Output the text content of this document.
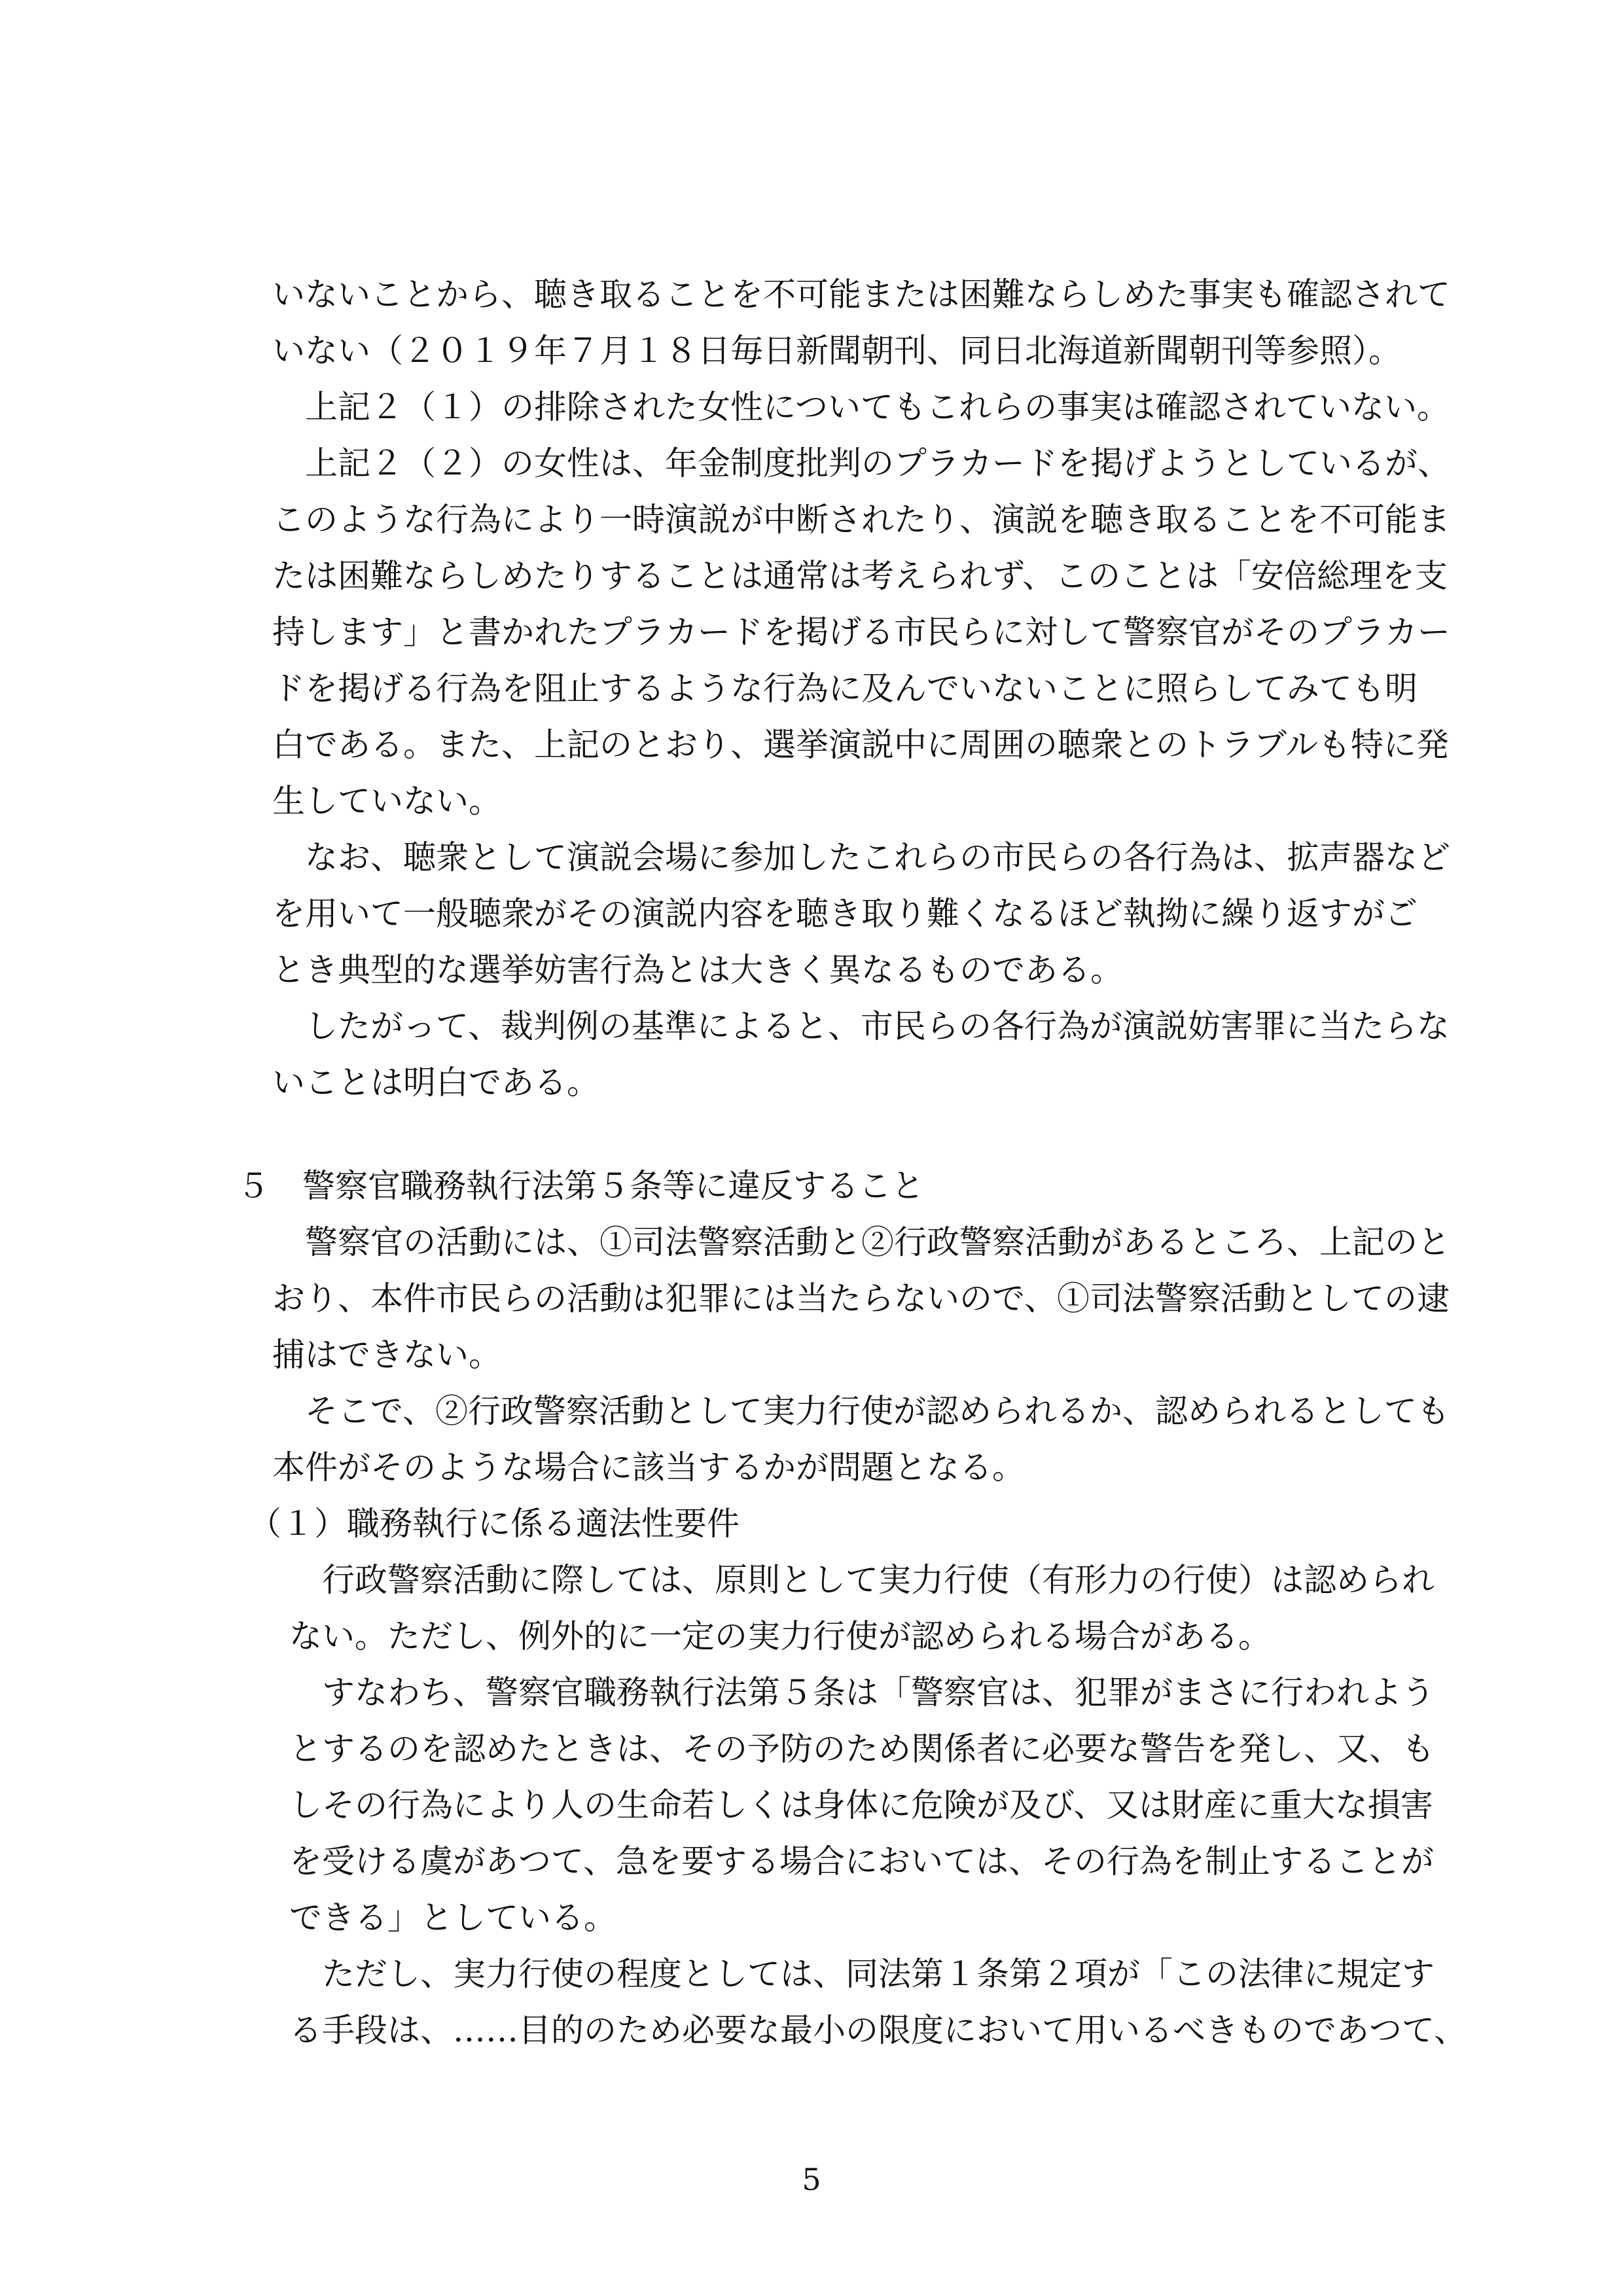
いないことから、聴き取ることを不可能または困難ならしめた事実も確認されて
いない（２０１９年７月１８日毎日新聞朝刊、同日北海道新聞朝刊等参照）。
上記２（１）の排除された女性についてもこれらの事実は確認されていない。
上記２（２）の女性は、年金制度批判のプラカードを掲げようとしているが、
このような行為により一時演説が中断されたり、演説を聴き取ることを不可能ま
たは困難ならしめたりすることは通常は考えられず、このことは「安倍総理を支
持します」と書かれたプラカードを掲げる市民らに対して警察官がそのプラカー
ドを掲げる行為を阻止するような行為に及んでいないことに照らしてみても明
白である。また、上記のとおり、選挙演説中に周囲の聴衆とのトラブルも特に発
生していない。
なお、聴衆として演説会場に参加したこれらの市民らの各行為は、拡声器など
を用いて一般聴衆がその演説内容を聴き取り難くなるほど執拗に繰り返すがご
とき典型的な選挙妨害行為とは大きく異なるものである。
したがって、裁判例の基準によると、市民らの各行為が演説妨害罪に当たらな
いことは明白である。
５　警察官職務執行法第５条等に違反すること
警察官の活動には、①司法警察活動と②行政警察活動があるところ、上記のと
おり、本件市民らの活動は犯罪には当たらないので、①司法警察活動としての逮
捕はできない。
そこで、②行政警察活動として実力行使が認められるか、認められるとしても
本件がそのような場合に該当するかが問題となる。
（１）職務執行に係る適法性要件
行政警察活動に際しては、原則として実力行使（有形力の行使）は認められ
ない。ただし、例外的に一定の実力行使が認められる場合がある。
すなわち、警察官職務執行法第５条は「警察官は、犯罪がまさに行われよう
とするのを認めたときは、その予防のため関係者に必要な警告を発し、又、も
しその行為により人の生命若しくは身体に危険が及び、又は財産に重大な損害
を受ける虞があつて、急を要する場合においては、その行為を制止することが
できる」としている。
ただし、実力行使の程度としては、同法第１条第２項が「この法律に規定す
る手段は、……目的のため必要な最小の限度において用いるべきものであつて、
5
